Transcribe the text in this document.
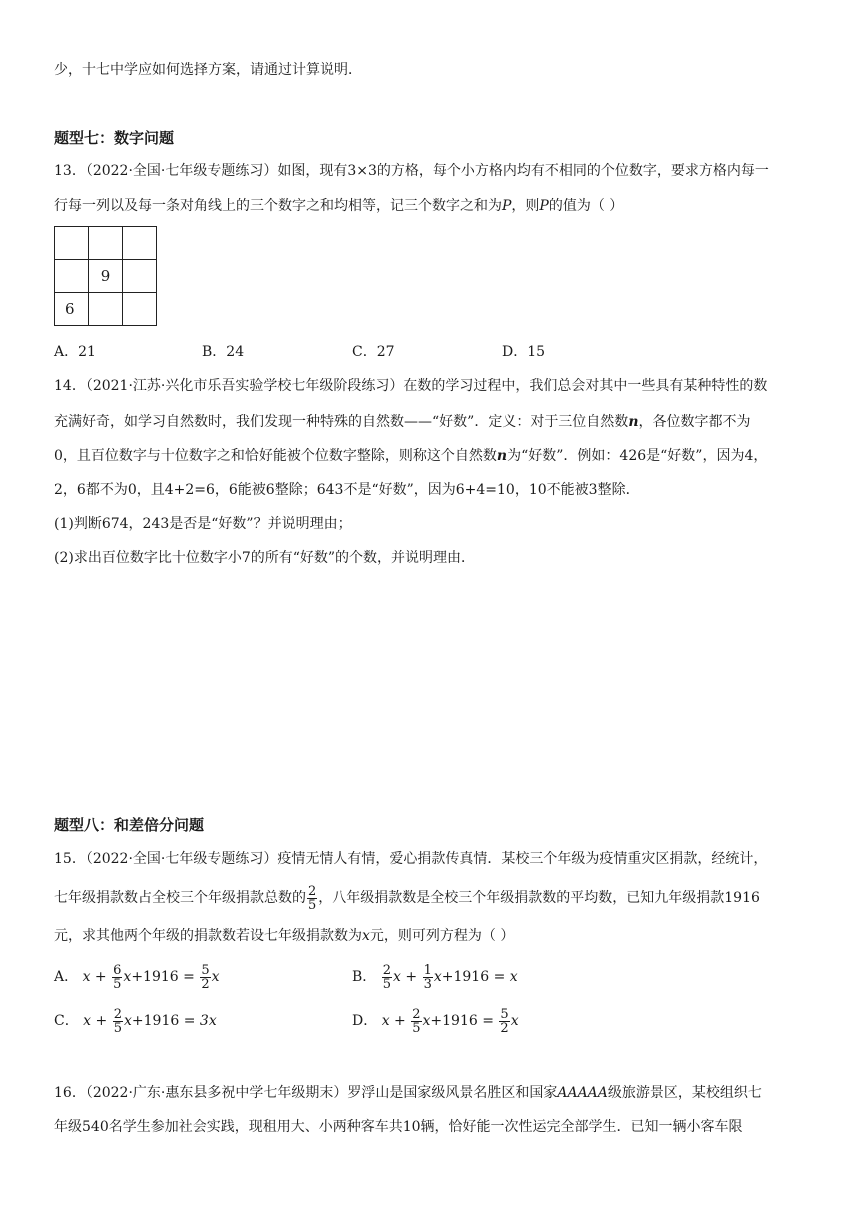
少，十七中学应如何选择方案，请通过计算说明．
题型七：数字问题
13．（2022·全国·七年级专题练习）如图，现有3×3的方格，每个小方格内均有不相同的个位数字，要求方格内每一
行每一列以及每一条对角线上的三个数字之和均相等，记三个数字之和为P，则P的值为（ ）

	9	
6		
A．21	B．24	C．27	D．15
14．（2021·江苏·兴化市乐吾实验学校七年级阶段练习）在数的学习过程中，我们总会对其中一些具有某种特性的数
充满好奇，如学习自然数时，我们发现一种特殊的自然数——“好数”．定义：对于三位自然数n，各位数字都不为
0，且百位数字与十位数字之和恰好能被个位数字整除，则称这个自然数n为“好数”．例如：426是“好数”，因为4，
2，6都不为0，且4+2=6，6能被6整除；643不是“好数”，因为6+4=10，10不能被3整除．
(1)判断674，243是否是“好数”？并说明理由；
(2)求出百位数字比十位数字小7的所有“好数”的个数，并说明理由．
题型八：和差倍分问题
15．（2022·全国·七年级专题练习）疫情无情人有情，爱心捐款传真情．某校三个年级为疫情重灾区捐款，经统计，
七年级捐款数占全校三个年级捐款总数的 $\frac{2}{5}$ ，八年级捐款数是全校三个年级捐款数的平均数，已知九年级捐款1916
元，求其他两个年级的捐款数若设七年级捐款数为x元，则可列方程为（ ）
A． $x + \frac{6}{5} x+1916 = \frac{5}{2}$ x	B． $\frac{2}{5}$ $x + \frac{1}{3} x+1916 = x$
C． $x + \frac{2}{5} x+1916 = 3x$	D． $x + \frac{2}{5} x+1916 = \frac{5}{2}$ x
16．（2022·广东·惠东县多祝中学七年级期末）罗浮山是国家级风景名胜区和国家AAAAA级旅游景区，某校组织七
年级540名学生参加社会实践，现租用大、小两种客车共10辆，恰好能一次性运完全部学生．已知一辆小客车限
